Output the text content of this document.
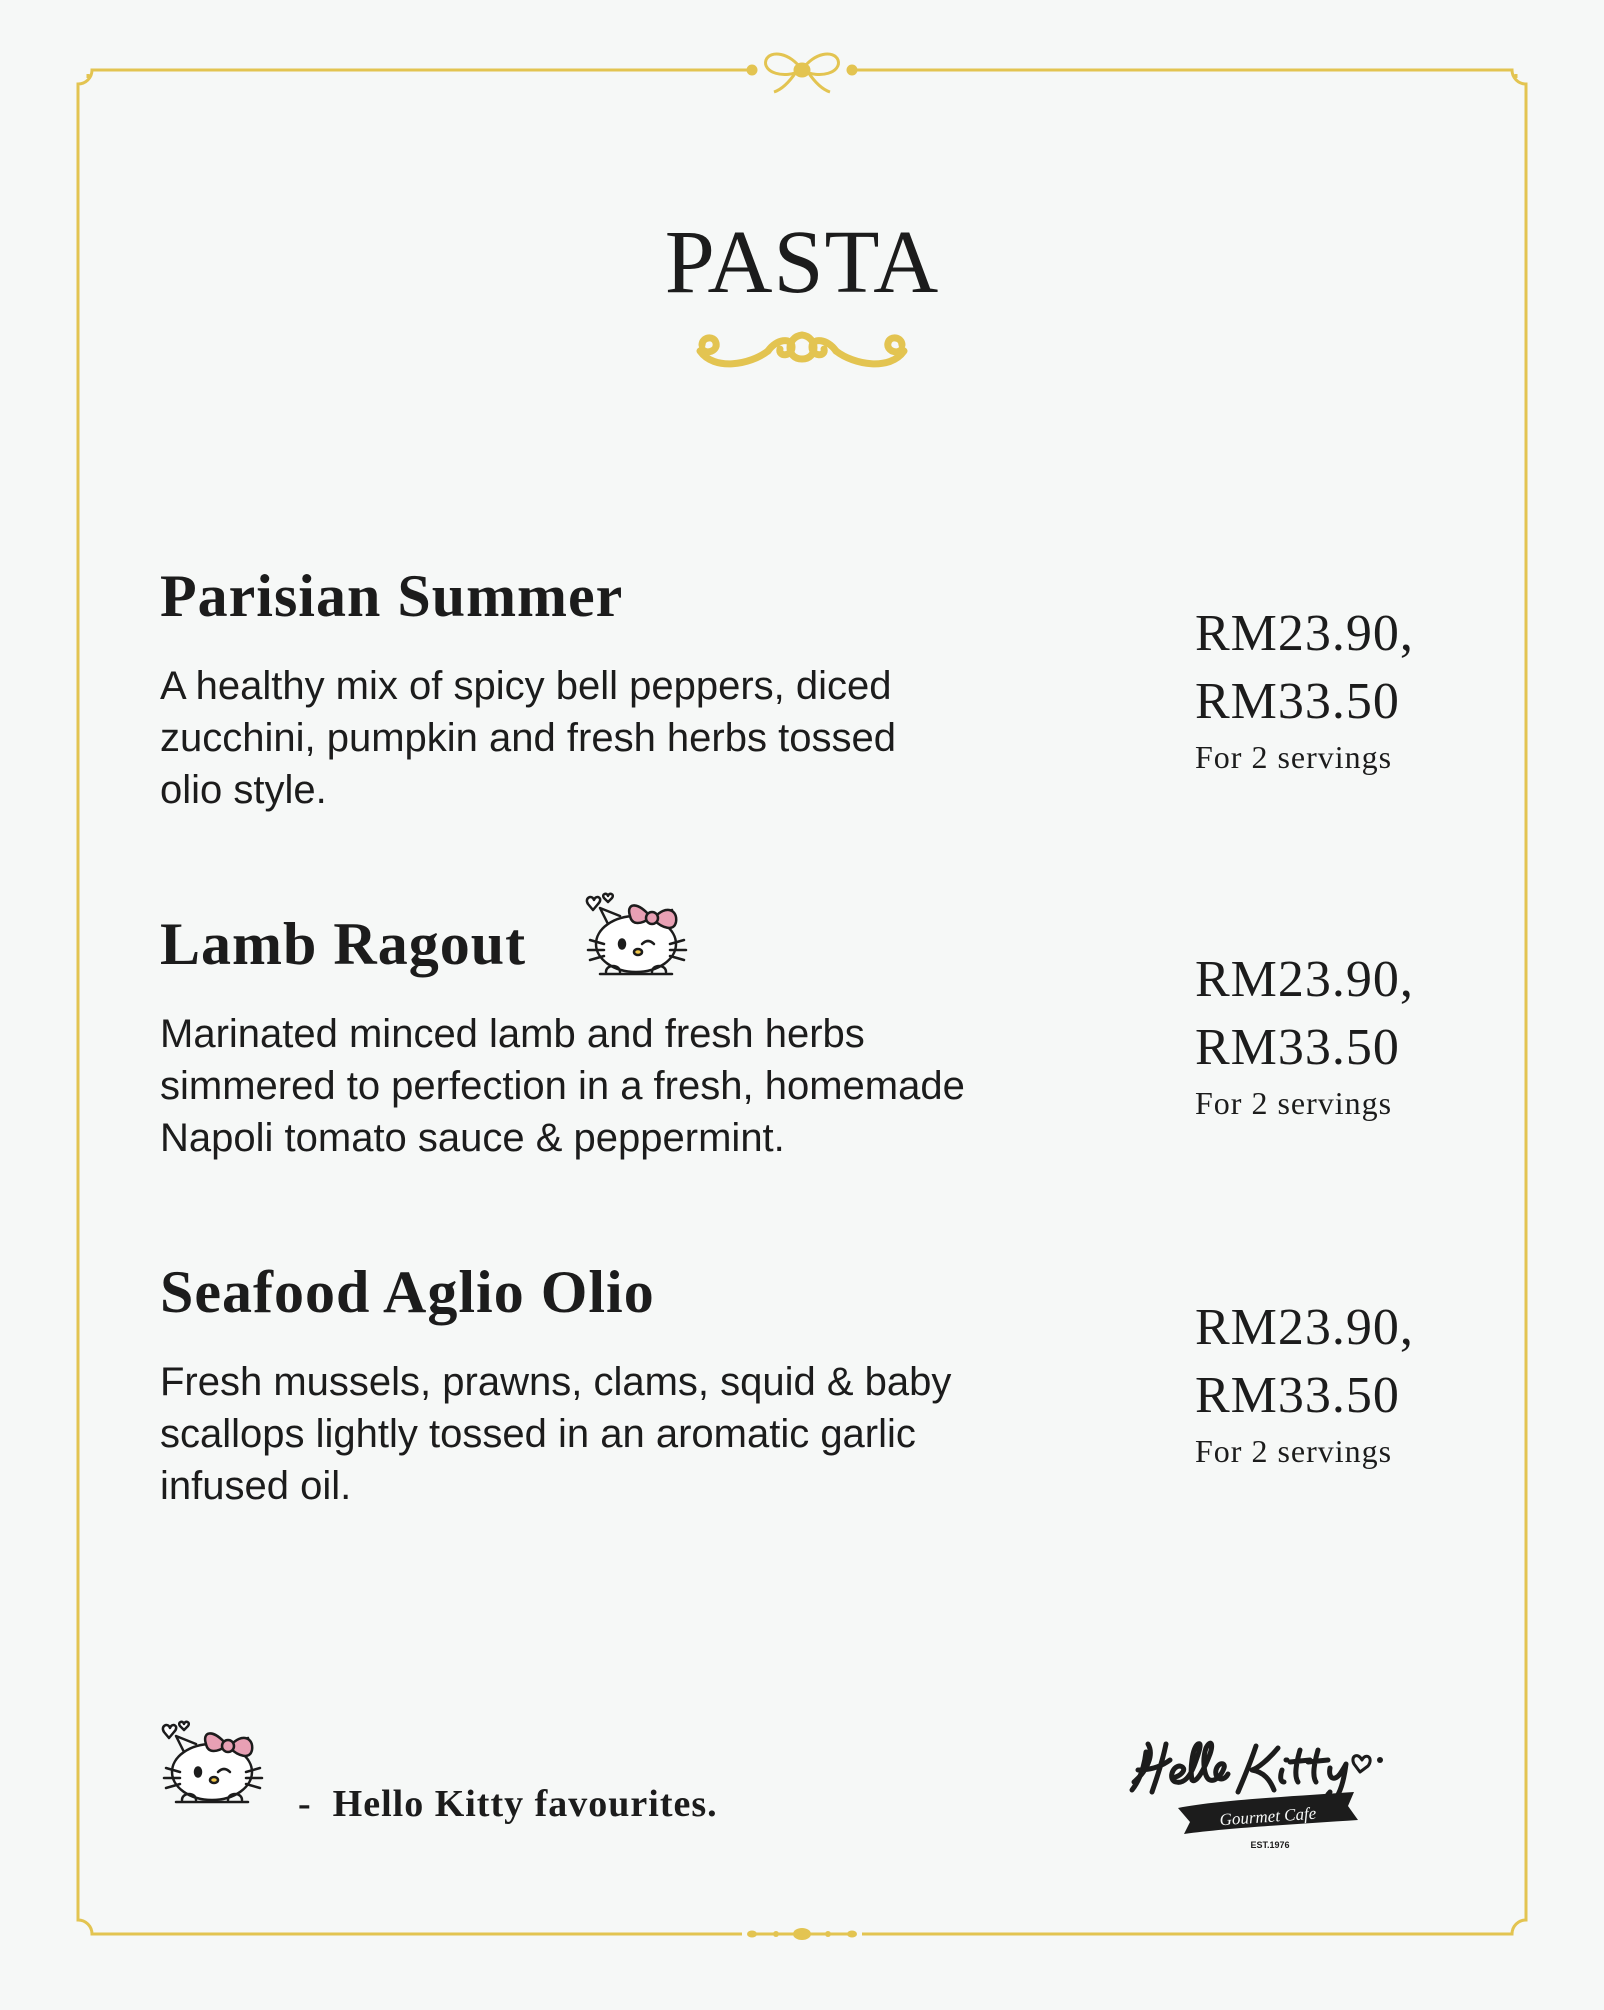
PASTA
Parisian Summer
A healthy mix of spicy bell peppers, diced zucchini, pumpkin and fresh herbs tossed olio style.
RM23.90,
RM33.50
For 2 servings
Lamb Ragout
Marinated minced lamb and fresh herbs simmered to perfection in a fresh, homemade Napoli tomato sauce & peppermint.
RM23.90,
RM33.50
For 2 servings
Seafood Aglio Olio
Fresh mussels, prawns, clams, squid & baby scallops lightly tossed in an aromatic garlic infused oil.
RM23.90,
RM33.50
For 2 servings
- Hello Kitty favourites.	Gourmet Cafe
EST.1976
